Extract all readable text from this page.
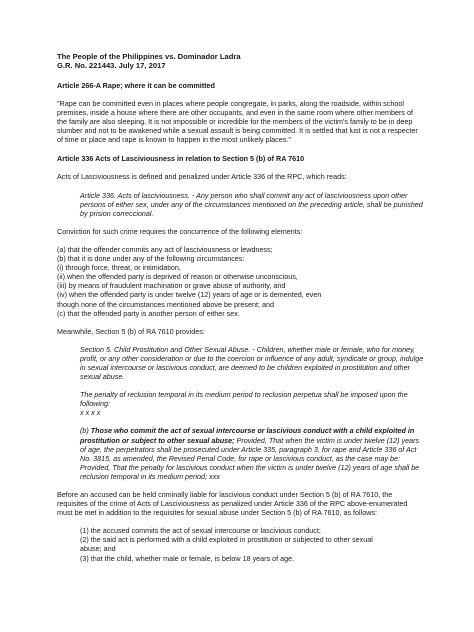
The People of the Philippines vs. Dominador Ladra

G.R. No. 221443. July 17, 2017

Article 266-A Rape; where it can be committed

"Rape can be committed even in places where people congregate, in parks, along the roadside, within school premises, inside a house where there are other occupants, and even in the same room where other members of the family are also sleeping. It is not impossible or incredible for the members of the victim's family to be in deep slumber and not to be awakened while a sexual assault is being committed. It is settled that lust is not a respecter of time or place and rape is known to happen in the most unlikely places."

Article 336 Acts of Lasciviousness in relation to Section 5 (b) of RA 7610

Acts of Lasciviousness is defined and penalized under Article 336 of the RPC, which reads:

Article 336. Acts of lasciviousness. - Any person who shall commit any act of lasciviousness upon other persons of either sex, under any of the circumstances mentioned on the preceding article, shall be punished by prision correccional.

Conviction for such crime requires the concurrence of the following elements:

(a) that the offender commits any act of lasciviousness or lewdness;

(b) that it is done under any of the following circumstances:

(i) through force, threat, or intimidation,

(ii) when the offended party is deprived of reason or otherwise unconscious,

(iii) by means of fraudulent machination or grave abuse of authority, and

(iv) when the offended party is under twelve (12) years of age or is demented, even

though none of the circumstances mentioned above be present; and

(c) that the offended party is another person of either sex.

Meanwhile, Section 5 (b) of RA 7610 provides:

Section 5. Child Prostitution and Other Sexual Abuse. - Children, whether male or female, who for money, profit, or any other consideration or due to the coercion or influence of any adult, syndicate or group, indulge in sexual intercourse or lascivious conduct, are deemed to be children exploited in prostitution and other sexual abuse.

The penalty of reclusion temporal in its medium period to reclusion perpetua shall be imposed upon the following:

x x x x

(b) Those who commit the act of sexual intercourse or lascivious conduct with a child exploited in prostitution or subject to other sexual abuse; Provided, That when the victim is under twelve (12) years of age, the perpetrators shall be prosecuted under Article 335, paragraph 3, for rape and Article 336 of Act No. 3815, as amended, the Revised Penal Code, for rape or lascivious conduct, as the case may be: Provided, That the penalty for lascivious conduct when the victim is under twelve (12) years of age shall be reclusion temporal in its medium period; xxx

Before an accused can be held criminally liable for lascivious conduct under Section 5 (b) of RA 7610, the requisites of the crime of Acts of Lasciviousness as penalized under Article 336 of the RPC above-enumerated must be met in addition to the requisites for sexual abuse under Section 5 (b) of RA 7610, as follows:

(1) the accused commits the act of sexual intercourse or lascivious conduct;

(2) the said act is performed with a child exploited in prostitution or subjected to other sexual

abuse; and

(3) that the child, whether male or female, is below 18 years of age.
